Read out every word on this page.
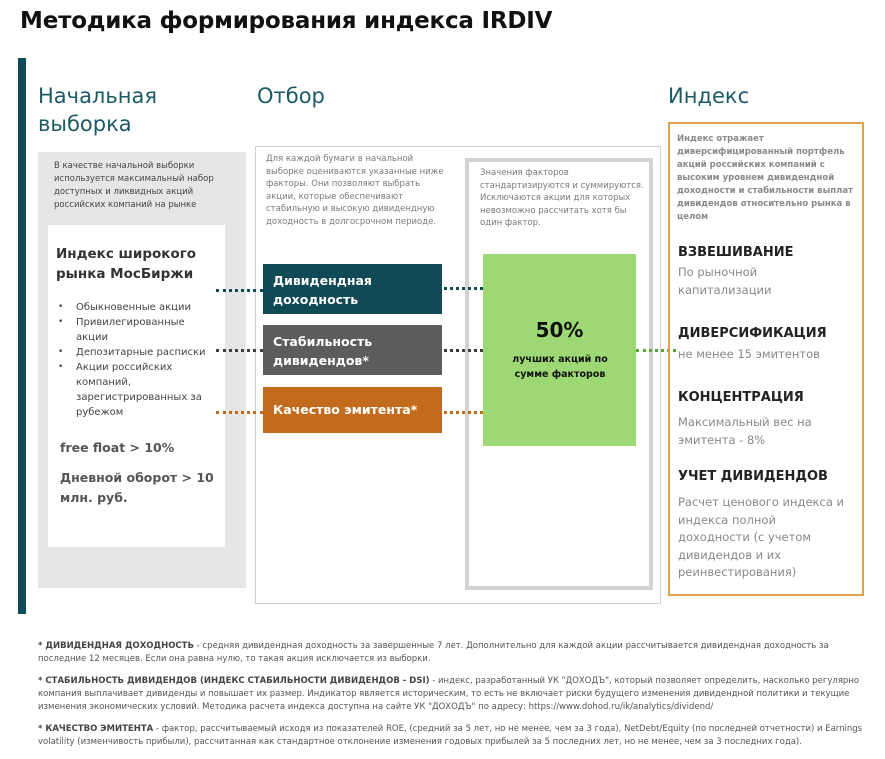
Методика формирования индекса IRDIV
Начальная выборка
Отбор	Индекс
В качестве начальной выборки используется максимальный набор доступных и ликвидных акций российских компаний на рынке
Индекс широкого рынка МосБиржи
• Обыкновенные акции
• Привилегированные акции
• Депозитарные расписки
• Акции российских компаний, зарегистрированных за рубежом
free float > 10%
Дневной оборот > 10 млн. руб.
Для каждой бумаги в начальной выборке оцениваются указанные ниже факторы. Они позволяют выбрать акции, которые обеспечивают стабильную и высокую дивидендную доходность в долгосрочном периоде.
Значения факторов стандартизируются и суммируются. Исключаются акции для которых невозможно рассчитать хотя бы один фактор.
Дивидендная доходность
Стабильность дивидендов*
Качество эмитента*
50%
лучших акций по сумме факторов
Индекс отражает диверсифицированный портфель акций российских компаний с высоким уровнем дивидендной доходности и стабильности выплат дивидендов относительно рынка в целом
ВЗВЕШИВАНИЕ
По рыночной капитализации
ДИВЕРСИФИКАЦИЯ
не менее 15 эмитентов
КОНЦЕНТРАЦИЯ
Максимальный вес на эмитента - 8%
УЧЕТ ДИВИДЕНДОВ
Расчет ценового индекса и индекса полной доходности (с учетом дивидендов и их реинвестирования)
* ДИВИДЕНДНАЯ ДОХОДНОСТЬ - средняя дивидендная доходность за завершенные 7 лет. Дополнительно для каждой акции рассчитывается дивидендная доходность за последние 12 месяцев. Если она равна нулю, то такая акция исключается из выборки.
* СТАБИЛЬНОСТЬ ДИВИДЕНДОВ (ИНДЕКС СТАБИЛЬНОСТИ ДИВИДЕНДОВ - DSI) - индекс, разработанный УК "ДОХОДЪ", который позволяет определить, насколько регулярно компания выплачивает дивиденды и повышает их размер. Индикатор является историческим, то есть не включает риски будущего изменения дивидендной политики и текущие изменения экономических условий. Методика расчета индекса доступна на сайте УК "ДОХОДЪ" по адресу: https://www.dohod.ru/ik/analytics/dividend/
* КАЧЕСТВО ЭМИТЕНТА - фактор, рассчитываемый исходя из показателей ROE, (средний за 5 лет, но не менее, чем за 3 года), NetDebt/Equity (по последней отчетности) и Earnings volatility (изменчивость прибыли), рассчитанная как стандартное отклонение изменения годовых прибылей за 5 последних лет, но не менее, чем за 3 последних года).
